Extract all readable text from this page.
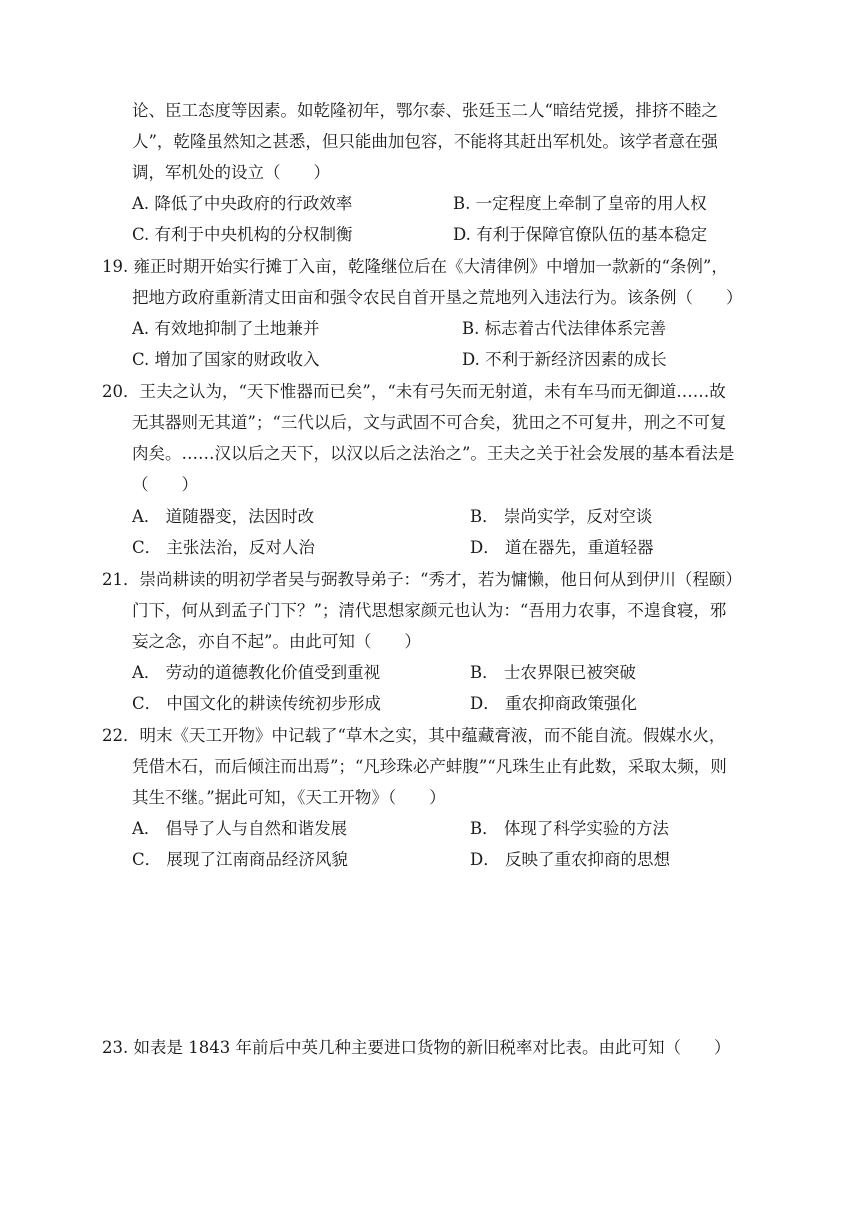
论、臣工态度等因素。如乾隆初年，鄂尔泰、张廷玉二人“暗结党援，排挤不睦之
人”，乾隆虽然知之甚悉，但只能曲加包容，不能将其赶出军机处。该学者意在强
调，军机处的设立（　　）
A. 降低了中央政府的行政效率	B. 一定程度上牵制了皇帝的用人权
C. 有利于中央机构的分权制衡	D. 有利于保障官僚队伍的基本稳定
19. 雍正时期开始实行摊丁入亩，乾隆继位后在《大清律例》中增加一款新的“条例”，
把地方政府重新清丈田亩和强令农民自首开垦之荒地列入违法行为。该条例（　　）
A. 有效地抑制了土地兼并	B. 标志着古代法律体系完善
C. 增加了国家的财政收入	D. 不利于新经济因素的成长
20．王夫之认为，“天下惟器而已矣”，“未有弓矢而无射道，未有车马而无御道……故
无其器则无其道”；“三代以后，文与武固不可合矣，犹田之不可复井，刑之不可复
肉矣。……汉以后之天下，以汉以后之法治之”。王夫之关于社会发展的基本看法是
（　　）
A． 道随器变，法因时改	B． 崇尚实学，反对空谈
C． 主张法治，反对人治	D． 道在器先，重道轻器
21．崇尚耕读的明初学者吴与弼教导弟子：“秀才，若为慵懒，他日何从到伊川（程颐）
门下，何从到孟子门下？”；清代思想家颜元也认为：“吾用力农事，不遑食寝，邪
妄之念，亦自不起”。由此可知（　　）
A． 劳动的道德教化价值受到重视	B． 士农界限已被突破
C． 中国文化的耕读传统初步形成	D． 重农抑商政策强化
22．明末《天工开物》中记载了“草木之实，其中蕴藏膏液，而不能自流。假媒水火，
凭借木石，而后倾注而出焉”；“凡珍珠必产蚌腹”“凡珠生止有此数，采取太频，则
其生不继。”据此可知，《天工开物》（　　）
A． 倡导了人与自然和谐发展	B． 体现了科学实验的方法
C． 展现了江南商品经济风貌	D． 反映了重农抑商的思想
23. 如表是 1843 年前后中英几种主要进口货物的新旧税率对比表。由此可知（　　）
